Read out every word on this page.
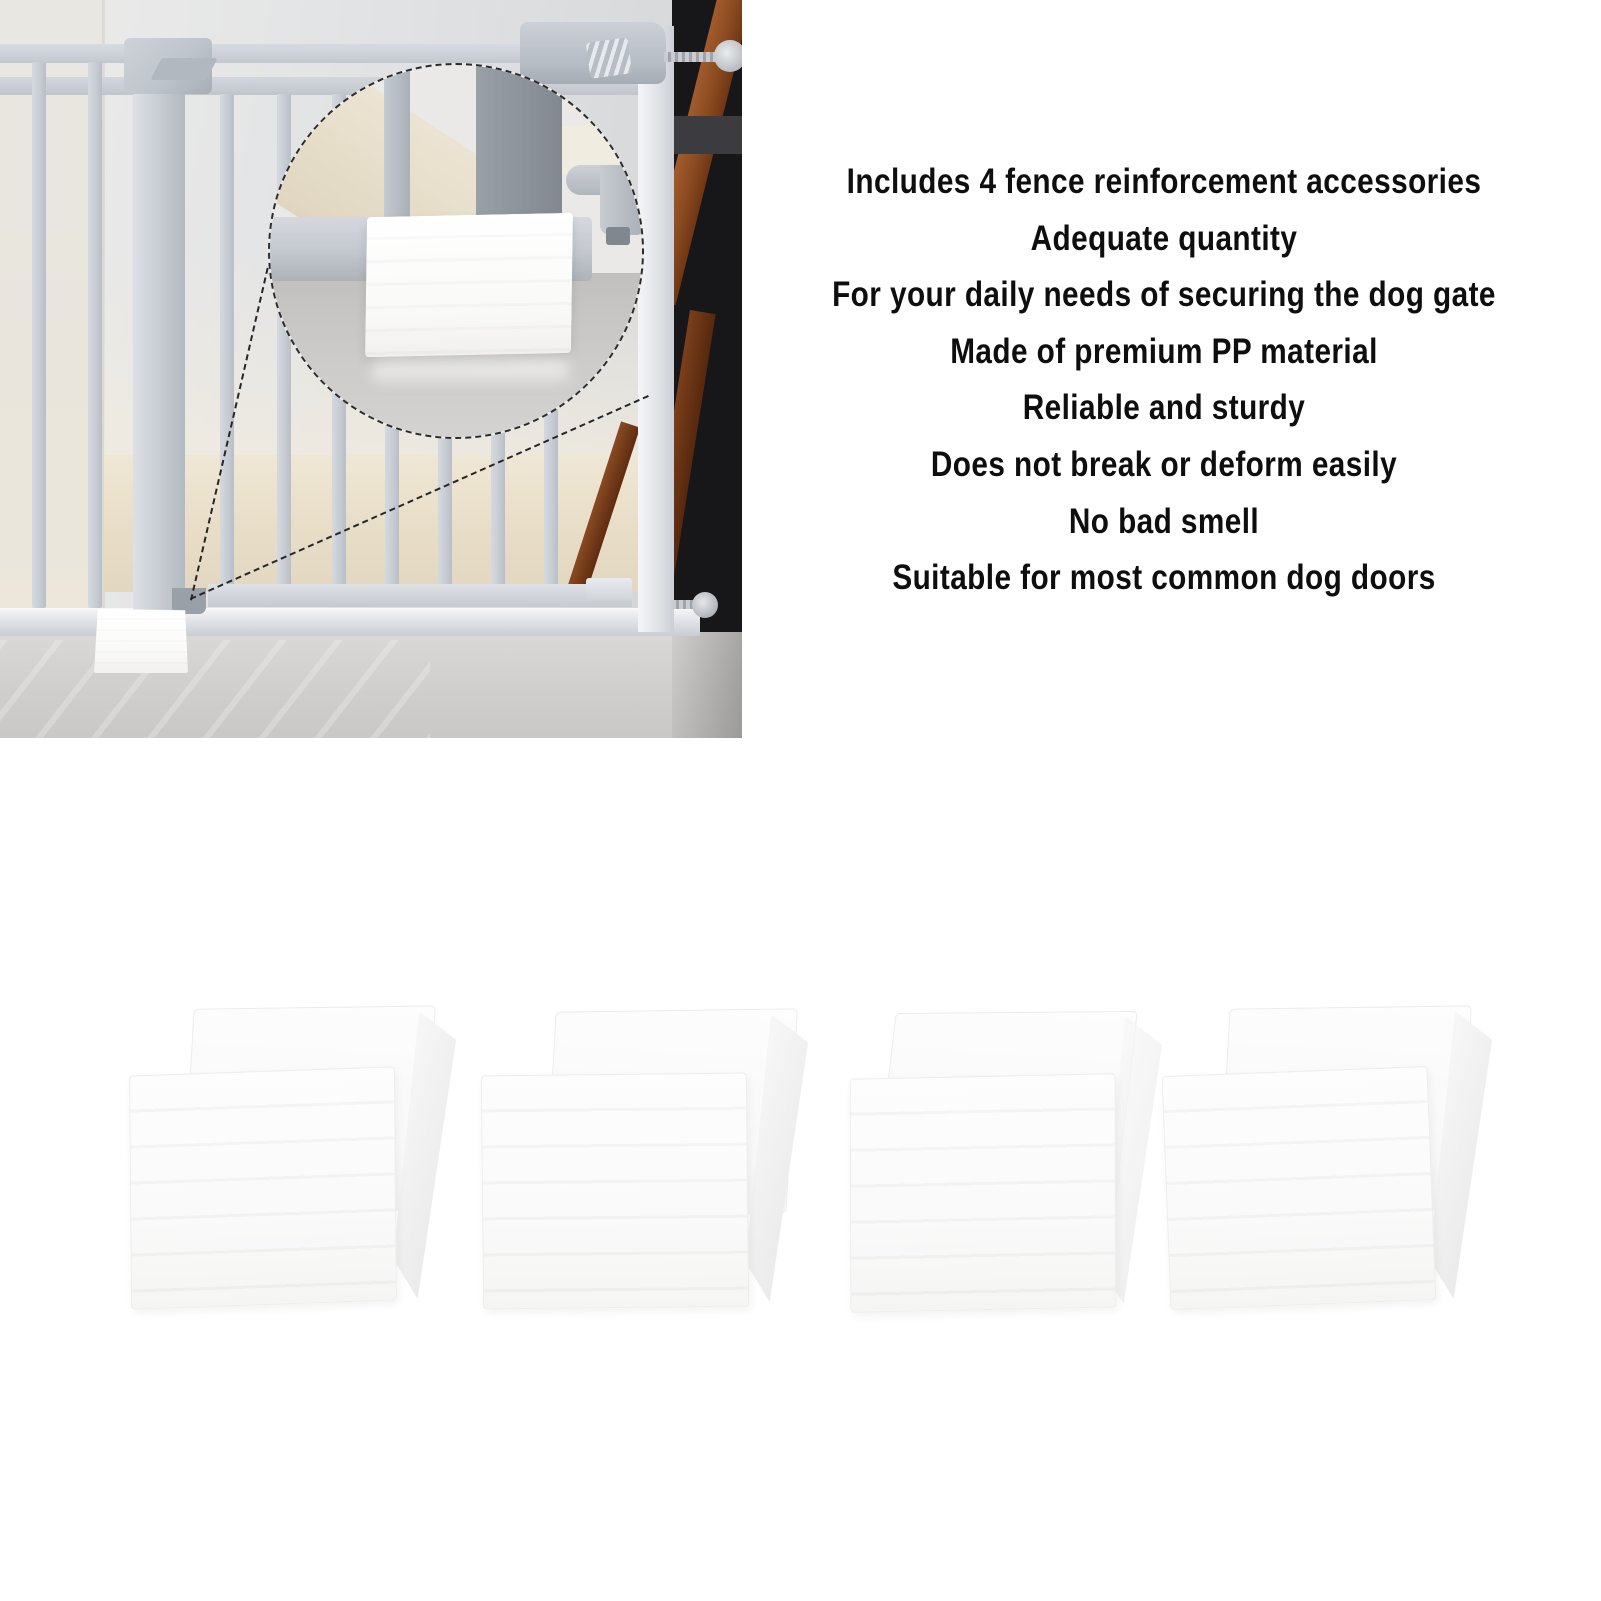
Includes 4 fence reinforcement accessories
Adequate quantity
For your daily needs of securing the dog gate
Made of premium PP material
Reliable and sturdy
Does not break or deform easily
No bad smell
Suitable for most common dog doors
